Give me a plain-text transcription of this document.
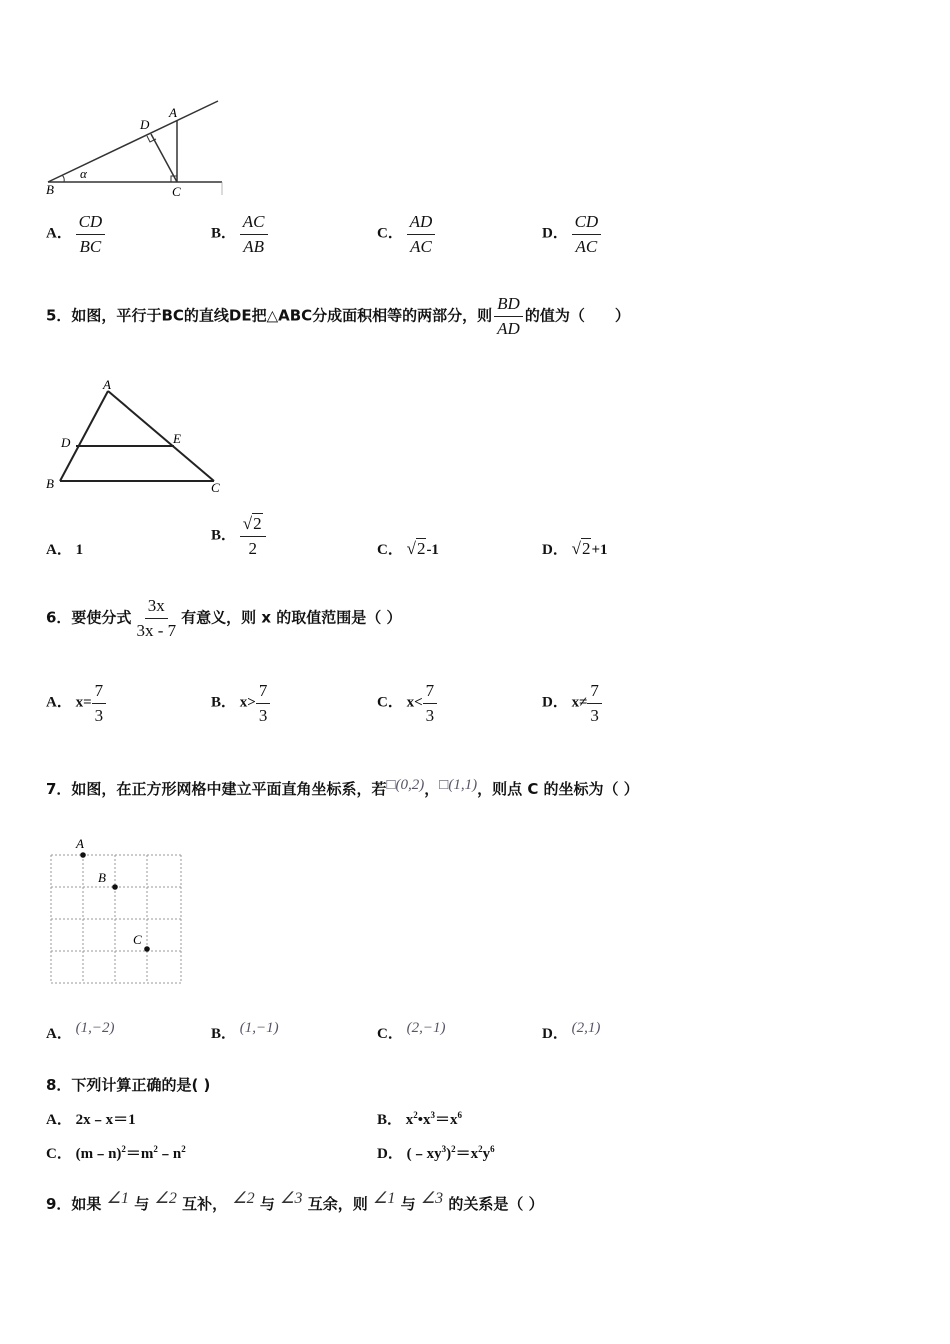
A
D
B	C
α
A． $\frac{CD}{BC}$	B． $\frac{AC}{AB}$	C． $\frac{AD}{AC}$	D． $\frac{CD}{AC}$
5．如图，平行于BC的直线DE把△ABC分成面积相等的两部分，则 $\frac{BD}{AD}$ 的值为（　　）
A
D	E
B	C
A． 1
B． $\frac{√2}{2}$	C． √2-1	D． √2+1
6．要使分式 $\frac{3x}{3x - 7}$ 有意义，则 x 的取值范围是（ ）
A． $x= \frac{7}{3}$	B． $x> \frac{7}{3}$	C． $x< \frac{7}{3}$	D． $x\ne \frac{7}{3}$
7．如图，在正方形网格中建立平面直角坐标系，若□(0,2)，□(1,1)，则点 C 的坐标为（ ）
A
B
C
A． (1,−2)	B． (1,−1)	C． (2,−1)	D． (2,1)
8．下列计算正确的是( )
A． 2x﹣x＝1	B． $x^2•x^3=x^6$
C． $(m﹣n)^2=m^2﹣n^2$	D． $(﹣xy^3)^2=x^2y^6$
9．如果 ∠1 与 ∠2 互补， ∠2 与 ∠3 互余，则 ∠1 与 ∠3 的关系是（ ）
